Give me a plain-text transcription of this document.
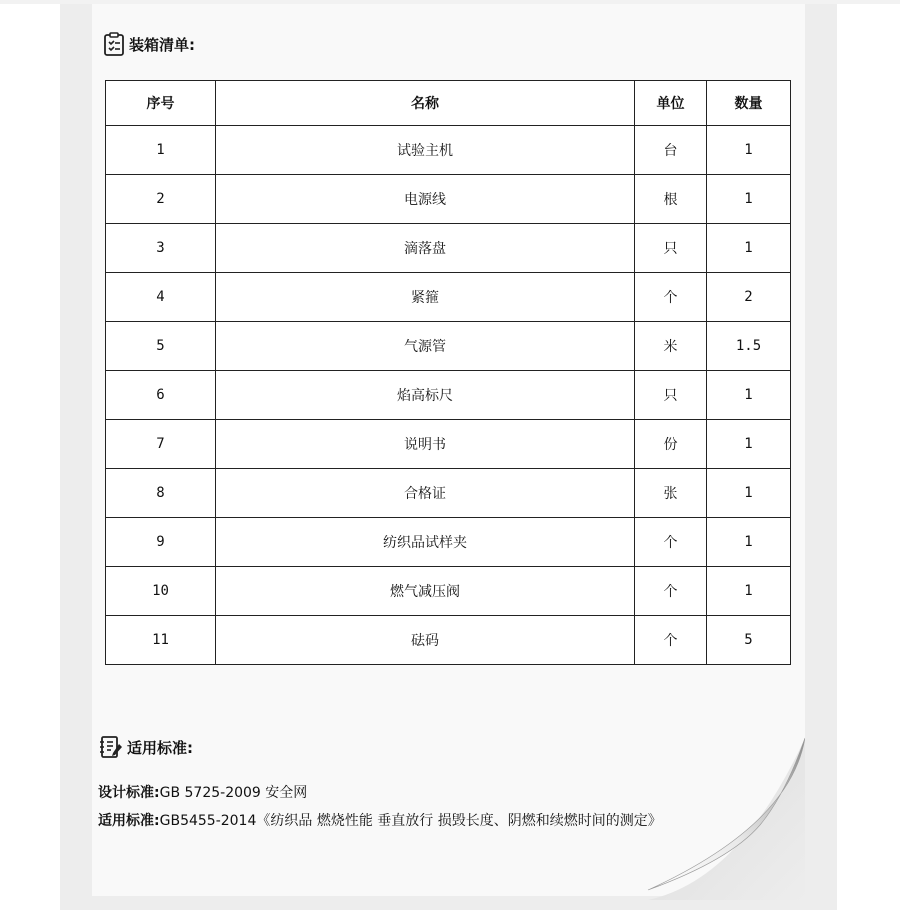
装箱清单:
序号	名称	单位	数量
1	试验主机	台	1
2	电源线	根	1
3	滴落盘	只	1
4	紧箍	个	2
5	气源管	米	1.5
6	焰高标尺	只	1
7	说明书	份	1
8	合格证	张	1
9	纺织品试样夹	个	1
10	燃气减压阀	个	1
11	砝码	个	5
适用标准:
设计标准:GB 5725-2009 安全网
适用标准:GB5455-2014《纺织品 燃烧性能 垂直放行 损毁长度、阴燃和续燃时间的测定》
